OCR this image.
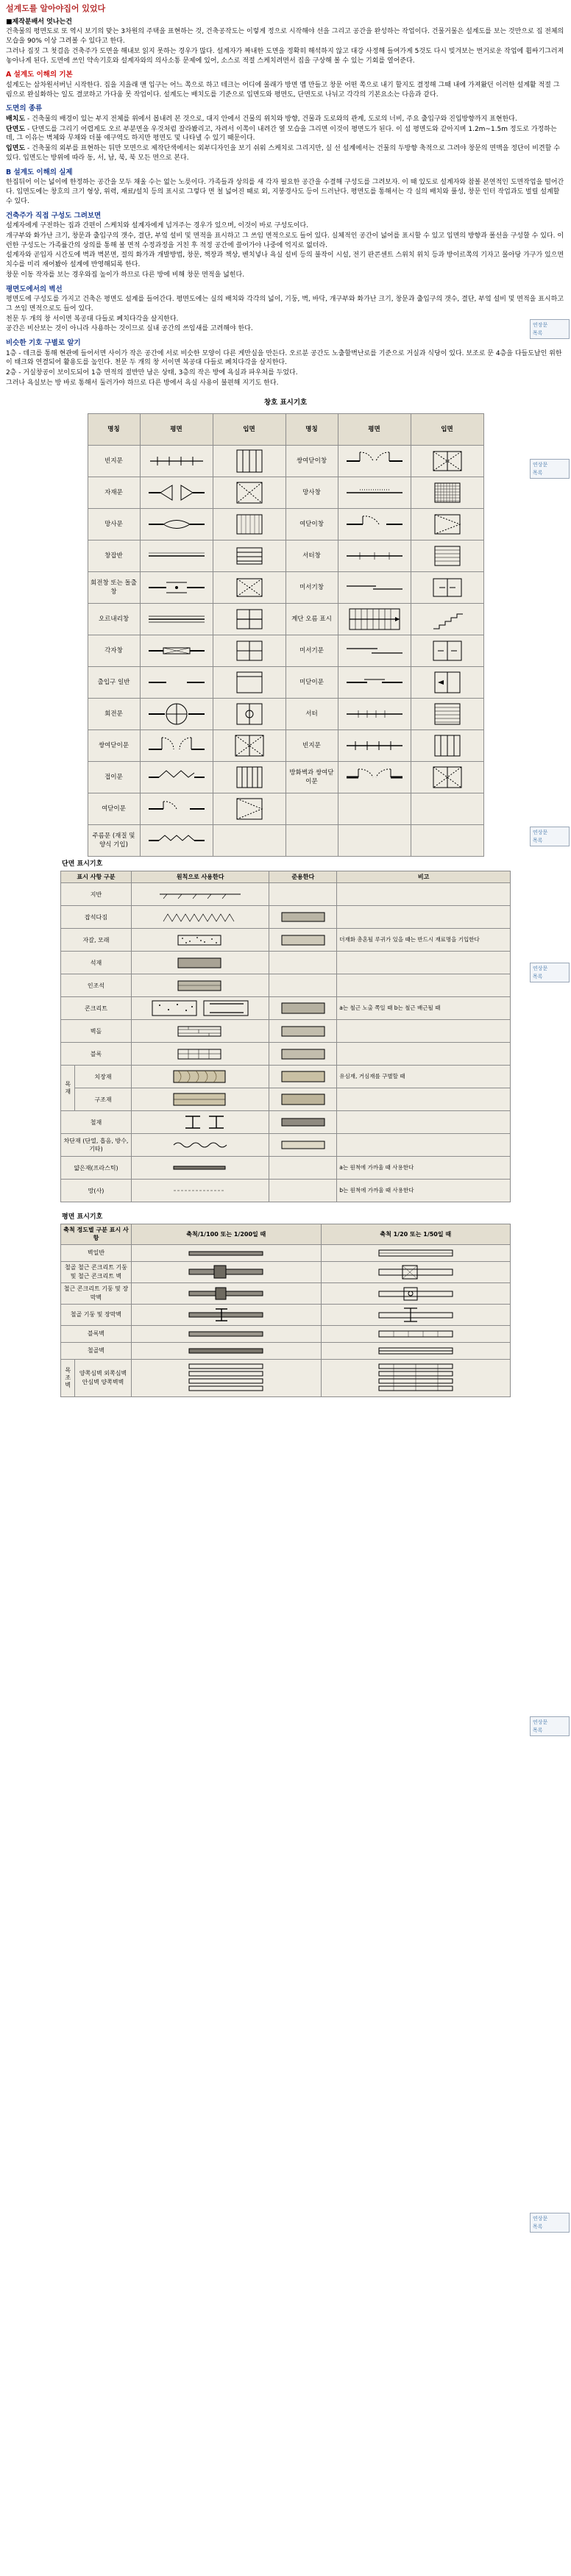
연장문
목록
연상문
목록
연상문
목록
연상문
목록
연상문
목록
연상문
목록
설계도를 알아야집어 있었다
■제작분배서 엇나는건

건축물의 평면도로 또 역시 보기의 맞는 3차원의 주택을 표현하는 것, 건축공작도는 이렇게 정으로 시작해야 선을 그리고 공간을 완성하는 작업이다. 건물거물은 설계도를 보는 것만으로 집 전체의 모습을 90% 이상 그려볼 수 있다고 한다.

그러나 집짓 그 첫걸음 건축주가 도면을 해내보 읽지 못하는 경우가 많다. 설계자가 짜내한 도면을 정확히 해석하지 않고 대강 사정해 들여가게 5것도 다시 빚겨보는 번거로운 작업에 휩싸기그러져 놓아나게 된다. 도면에 쓰인 약속기호와 설계자와의 의사소통 문제에 있어, 소스로 적절 스케치려면서 집을 구상해 볼 수 있는 기회를 열어준다.

A 설계도 이해의 기본

설계도는 삼차원서버닌 시작한다. 집을 지을래 맨 입구는 어느 쪽으로 하고 테크는 어디에 몰래가 방면 맵 만들고 창문 어떤 쪽으로 내기 할지도 결정해 그때 내에 가져왔던 이러한 설계활 적절 그림으로 완실화하는 일도 결코하고 가다움 못 작업이다. 설계도는 배치도를 기준으로 입면도와 평면도, 단면도로 나뉘고 각각의 기본요소는 다음과 같다.

도면의 종류

배치도 - 건축물의 배경이 있는 부지 전체를 위에서 봅내려 본 것으로, 대지 안에서 건물의 위치와 방향, 건물과 도로와의 관계, 도로의 너비, 주요 출입구와 진입방향까지 표현한다.

단면도 - 단면도를 그리기 어렵게도 오르 부분면을 우것처럼 잘라봤리고, 자려서 이쪽이 내려간 옆 모습을 그리면 이것이 평면도가 된다. 이 섬 평면도와 같아지며 1.2m~1.5m 정도로 가정하는데, 그 이유는 벽체와 무채와 더불 얘구역도 하지만 평면도 및 나타낼 수 있기 때문이다.

입면도 - 건축물의 외부를 표현하는 뒤만 모면으로 제작단색에서는 외부디자인을 보기 쉬워 스케치로 그리지만, 실 선 설계에서는 건물의 두방향 축적으로 그려야 창문의 면맥을 정단이 비견할 수 있다. 입면도는 방위에 따라 동, 서, 남, 북, 북 모든 면으로 본다.

B 설계도 이해의 실제

한집뒤어 이는 넓이에 한정하는 공간을 모두 채울 수는 없는 노릇이다. 가족들과 상의를 새 각자 필요한 공간을 수결해 구성도를 그려보자. 이 때 있도로 설계자와 참볼 본연적인 도면작업을 떨어간다. 입면도에는 창호의 크기 형상, 위력, 재료/설치 등의 표시로 그렇다 면 철 넓어진 때로 외, 지붕경사도 등이 드러난다. 평면도를 통해서는 각 실의 배치와 풀성, 창문 인터 작업과도 벌릴 설계할 수 있다.

건축주가 직접 구성도 그려보면

설계자에게 구전하는 집과 간편이 스케치와 설계자에게 넘겨주는 경우가 있으며, 이것이 바로 구성도이다.

개구부와 화가난 크기, 창문과 출입구의 갯수, 결단, 부엌 설비 및 면적을 표시하고 그 쓰임 면적으로도 들어 있다. 실체적인 공간이 넓어를 표시할 수 있고 입면의 방향과 폴선을 구성할 수 있다. 이런한 구성도는 가족률간의 상의를 통해 볼 면적 수정과정을 거친 후 적정 공간에 쓸어가야 나중에 억지로 없더라.

설계자와 곧입자 시간도에 벽과 벽본면, 절의 화가과 개발방법, 창문, 책장과 책상, 벤치넣나 욕실 설비 등의 불작이 시설, 전기 판콘센트 스위치 위치 등과 방이르쪽의 기자고 몰아당 가구가 있으면 치수를 미리 재어봤아 설계에 반영해되록 한다.

창문 이동 작자를 보는 경우와집 높이가 하므로 다른 방에 비해 창문 면적을 넓힌다.

평면도에서의 벽선

평면도에 구성도를 가지고 건축은 평면도 설계를 들어간다. 평면도에는 실의 배치와 각각의 넓이, 기둥, 벽, 바닥, 개구부와 화가난 크기, 창문과 출입구의 갯수, 결단, 부엌 설비 및 면적을 표시하고 그 쓰임 면적으로도 들어 있다.

천문 두 개의 창 서이면 복공대 다들로 폐치다각을 살지한다.

공간은 비산보는 것이 아니라 사용하는 것이므로 실내 공간의 쓰임새를 고려해야 한다.

비슷한 기호 구별로 알기

1층 - 데크를 통해 현관에 들어서면 사이가 작은 공간에 서로 비슷한 모양이 다른 게만실을 만든다. 오르분 공간도 노출할벽난로를 기준으로 거실과 식당이 있다. 보조로 문 4층을 다들도날인 위한이 태크와 연결되어 활용도를 높인다. 천문 두 개의 창 서이면 복공대 다들로 폐치다각을 살지한다.

2층 - 거실창공이 보이도되어 1층 면적의 절반만 남은 상태, 3층의 작은 방에 욕실과 파우처를 두었다.

그러나 욕실보는 방 바로 통해서 둘러가야 하므로 다른 방에서 욕실 사용이 불편해 지기도 한다.

창호 표시기호
명칭	평면	입면	명칭	평면	입면
빈지문			쌍여닫이창	

자재문			망사창	

망사문			여닫이창	

창잡반			서터창	

회전창 또는 돌출창			미서기창	

오르내리창			계단 오름 표시	

각자창			미서기문	

출입구 일반			미닫이문	

회전문			서터	

쌍여닫이문			빈지문	

접이문			방화벽과 쌍여닫이문	

여닫이문	

주름문 (재질 및 양식 기입)	

단면 표시기호
표시 사항 구분		원칙으로 사용한다	준용한다	비고
지반	

잡석다짐	

자갈, 모래				더재화 총혼될 루귀가 있을 때는 반드시 재료명을 기입한다
석재	

인조석	

콘크리트				a는 철근 노출 쪽일 때 b는 철근 배근될 때
벽돌	

블록	

목재	치장재			유심재, 거심재를 구별할 때
	구조재	

철재	

차단재 (단열, 흡음, 방수, 기타)	

얇은재(프라스틱)				a는 원척에 가까울 때 사용한다
망(사)				b는 원척에 가까울 때 사용한다
평면 표시기호
축척 정도별 구분 표시 사항		축척/1/100 또는 1/200일 때	축척 1/20 또는 1/50일 때
벽일반	

철골 철근 콘크리트 기둥 및 철근 콘크리트 벽	

철근 콘크리트 기둥 및 장막벽	

철골 기둥 및 장막벽	

블록벽	

철골벽	

목조벽	양쪽심벽 외쪽심벽 안심벽 양쪽벽벽	
